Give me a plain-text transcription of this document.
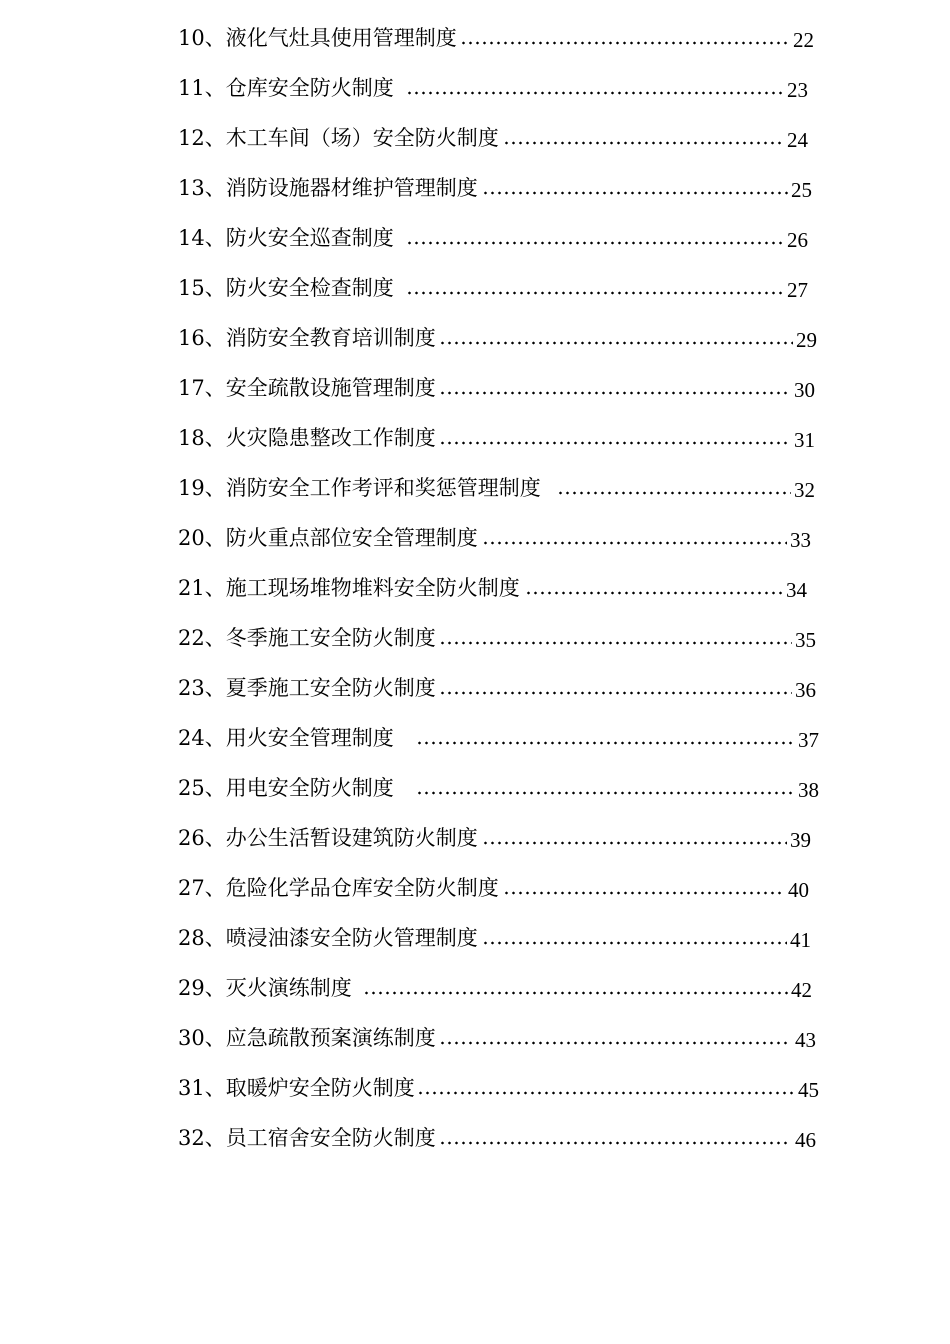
10、液化气灶具使用管理制度	22
11、仓库安全防火制度	23
12、木工车间（场）安全防火制度	24
13、消防设施器材维护管理制度	25
14、防火安全巡查制度	26
15、防火安全检查制度	27
16、消防安全教育培训制度	29
17、安全疏散设施管理制度	30
18、火灾隐患整改工作制度	31
19、消防安全工作考评和奖惩管理制度	32
20、防火重点部位安全管理制度	33
21、施工现场堆物堆料安全防火制度	34
22、冬季施工安全防火制度	35
23、夏季施工安全防火制度	36
24、用火安全管理制度	37
25、用电安全防火制度	38
26、办公生活暂设建筑防火制度	39
27、危险化学品仓库安全防火制度	40
28、喷浸油漆安全防火管理制度	41
29、灭火演练制度	42
30、应急疏散预案演练制度	43
31、取暖炉安全防火制度	45
32、员工宿舍安全防火制度	46
